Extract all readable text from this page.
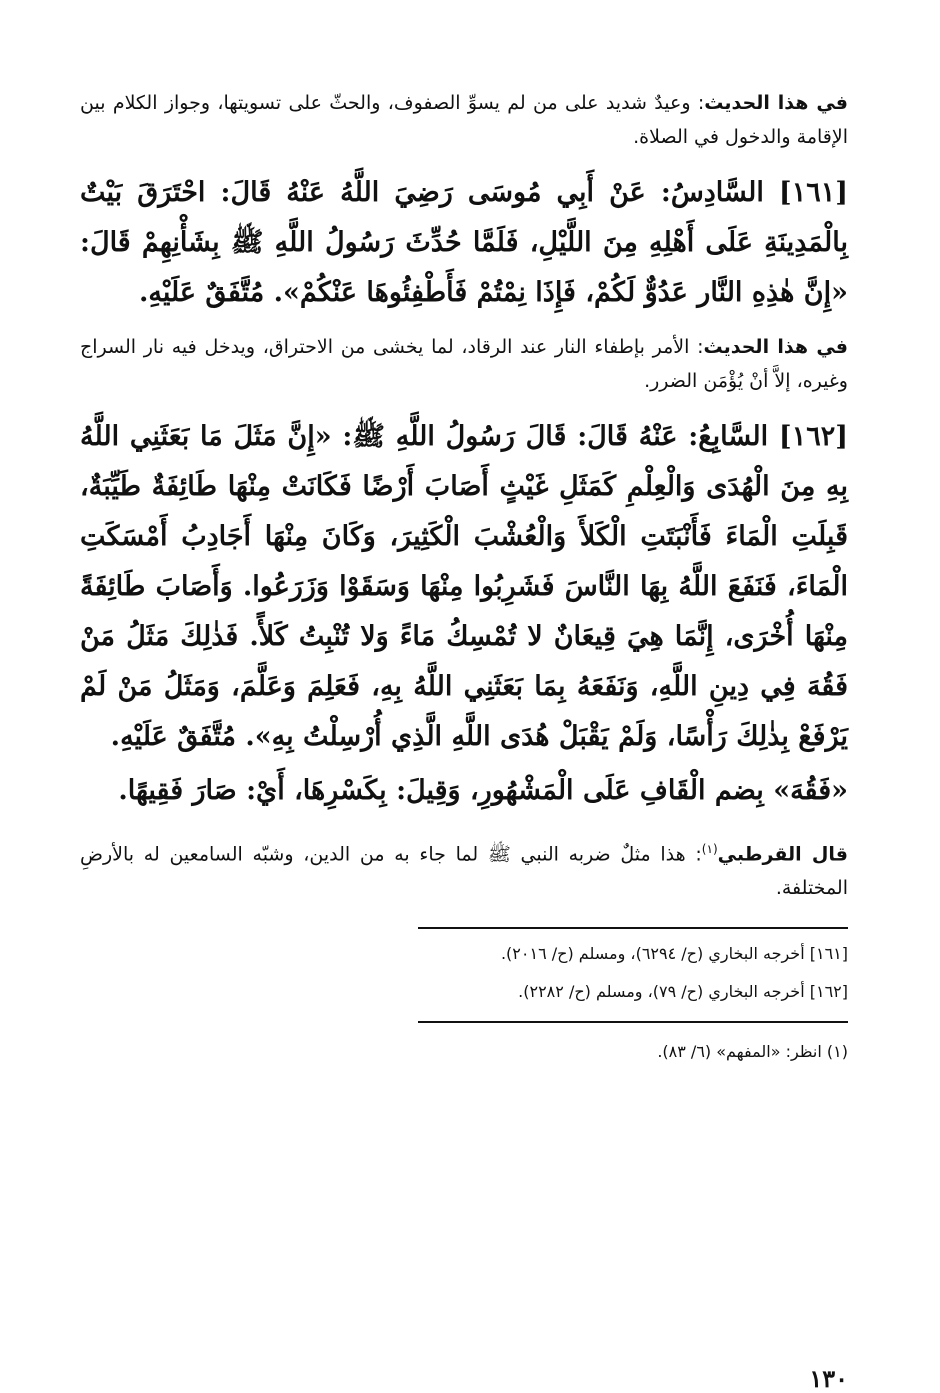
في هذا الحديث: وعيدٌ شديد على من لم يسوِّ الصفوف، والحثّ على تسويتها، وجواز الكلام بين الإقامة والدخول في الصلاة.

[١٦١] السَّادِسُ: عَنْ أَبِي مُوسَى رَضِيَ اللَّهُ عَنْهُ قَالَ: احْتَرَقَ بَيْتٌ بِالْمَدِينَةِ عَلَى أَهْلِهِ مِنَ اللَّيْلِ، فَلَمَّا حُدِّثَ رَسُولُ اللَّهِ ﷺ بِشَأْنِهِمْ قَالَ: «إِنَّ هٰذِهِ النَّار عَدُوٌّ لَكُمْ، فَإِذَا نِمْتُمْ فَأَطْفِئُوهَا عَنْكُمْ». مُتَّفَقٌ عَلَيْهِ.

في هذا الحديث: الأمر بإطفاء النار عند الرقاد، لما يخشى من الاحتراق، ويدخل فيه نار السراج وغيره، إلاَّ أنْ يُؤْمَن الضرر.

[١٦٢] السَّابِعُ: عَنْهُ قَالَ: قَالَ رَسُولُ اللَّهِ ﷺ: «إِنَّ مَثَلَ مَا بَعَثَنِي اللَّهُ بِهِ مِنَ الْهُدَى وَالْعِلْمِ كَمَثَلِ غَيْثٍ أَصَابَ أَرْضًا فَكَانَتْ مِنْهَا طَائِفَةٌ طَيِّبَةٌ، قَبِلَتِ الْمَاءَ فَأَنْبَتَتِ الْكَلأَ وَالْعُشْبَ الْكَثِيرَ، وَكَانَ مِنْهَا أَجَادِبُ أَمْسَكَتِ الْمَاءَ، فَنَفَعَ اللَّهُ بِهَا النَّاسَ فَشَرِبُوا مِنْهَا وَسَقَوْا وَزَرَعُوا. وَأَصَابَ طَائِفَةً مِنْهَا أُخْرَى، إِنَّمَا هِيَ قِيعَانٌ لا تُمْسِكُ مَاءً وَلا تُنْبِتُ كَلأً. فَذٰلِكَ مَثَلُ مَنْ فَقُهَ فِي دِينِ اللَّهِ، وَنَفَعَهُ بِمَا بَعَثَنِي اللَّهُ بِهِ، فَعَلِمَ وَعَلَّمَ، وَمَثَلُ مَنْ لَمْ يَرْفَعْ بِذٰلِكَ رَأْسًا، وَلَمْ يَقْبَلْ هُدَى اللَّهِ الَّذِي أُرْسِلْتُ بِهِ». مُتَّفَقٌ عَلَيْهِ.

«فَقُهَ» بِضم الْقَافِ عَلَى الْمَشْهُورِ، وَقِيلَ: بِكَسْرِهَا، أَيْ: صَارَ فَقِيهًا.

قال القرطبي$^{(١)}$: هذا مثلٌ ضربه النبي ﷺ لما جاء به من الدين، وشبّه السامعين له بالأرضِ المختلفة.

[١٦١] أخرجه البخاري (ح/ ٦٢٩٤)، ومسلم (ح/ ٢٠١٦).
[١٦٢] أخرجه البخاري (ح/ ٧٩)، ومسلم (ح/ ٢٢٨٢).
(١) انظر: «المفهم» (٦/ ٨٣).
١٣٠
